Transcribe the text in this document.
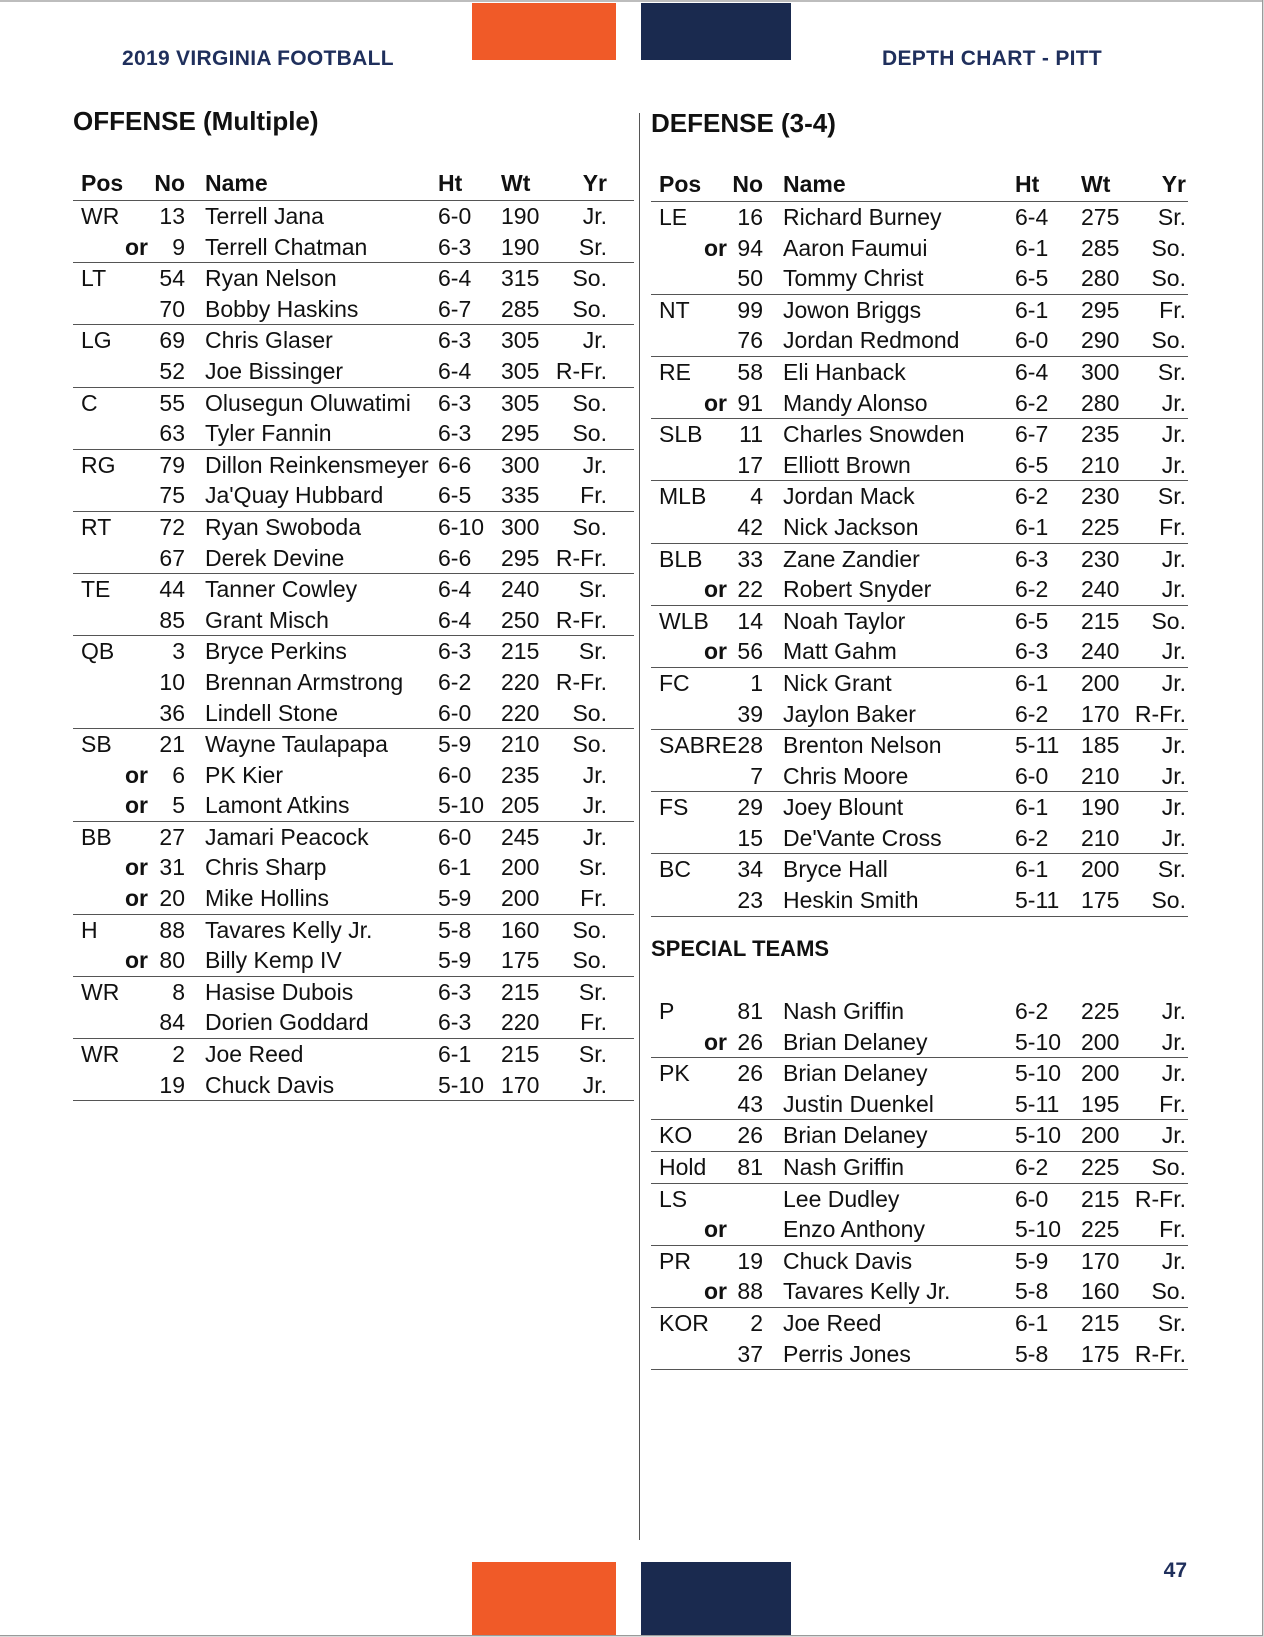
2019 VIRGINIA FOOTBALL	DEPTH CHART - PITT
OFFENSE (Multiple)
Pos No Name	Ht Wt Yr
WR 13 Terrell Jana	6-0 190 Jr.
or 9 Terrell Chatman	6-3 190 Sr.
LT 54 Ryan Nelson	6-4 315 So.
70 Bobby Haskins	6-7 285 So.
LG 69 Chris Glaser	6-3 305 Jr.
52 Joe Bissinger	6-4 305 R-Fr.
C	55 Olusegun Oluwatimi 6-3 305 So.
63 Tyler Fannin	6-3 295 So.
RG 79 Dillon Reinkensmeyer 6-6 300 Jr.
75 Ja'Quay Hubbard 6-5 335 Fr.
RT 72 Ryan Swoboda	6-10 300 So.
67 Derek Devine	6-6 295 R-Fr.
TE 44 Tanner Cowley	6-4 240 Sr.
85 Grant Misch	6-4 250 R-Fr.
QB	3 Bryce Perkins	6-3 215 Sr.
10 Brennan Armstrong 6-2 220 R-Fr.
36 Lindell Stone	6-0 220 So.
SB 21 Wayne Taulapapa 5-9 210 So.
or 6 PK Kier	6-0 235 Jr.
or 5 Lamont Atkins	5-10 205 Jr.
BB 27 Jamari Peacock	6-0 245 Jr.
or 31 Chris Sharp	6-1 200 Sr.
or 20 Mike Hollins	5-9 200 Fr.
H	88 Tavares Kelly Jr.	5-8 160 So.
or 80 Billy Kemp IV	5-9 175 So.
WR 8 Hasise Dubois	6-3 215 Sr.
84 Dorien Goddard	6-3 220 Fr.
WR 2 Joe Reed	6-1 215 Sr.
19 Chuck Davis	5-10 170 Jr.
DEFENSE (3-4)
Pos No Name	Ht Wt Yr
LE 16 Richard Burney	6-4 275 Sr.
or 94 Aaron Faumui	6-1 285 So.
50 Tommy Christ	6-5 280 So.
NT 99 Jowon Briggs	6-1 295 Fr.
76 Jordan Redmond 6-0 290 So.
RE 58 Eli Hanback	6-4 300 Sr.
or 91 Mandy Alonso	6-2 280 Jr.
SLB 11 Charles Snowden 6-7 235 Jr.
17 Elliott Brown	6-5 210 Jr.
MLB 4 Jordan Mack	6-2 230 Sr.
42 Nick Jackson	6-1 225 Fr.
BLB 33 Zane Zandier	6-3 230 Jr.
or 22 Robert Snyder	6-2 240 Jr.
WLB 14 Noah Taylor	6-5 215 So.
or 56 Matt Gahm	6-3 240 Jr.
FC	1 Nick Grant	6-1 200 Jr.
39 Jaylon Baker	6-2 170 R-Fr.
SABRE 28 Brenton Nelson	5-11 185 Jr.
7 Chris Moore	6-0 210 Jr.
FS 29 Joey Blount	6-1 190 Jr.
15 De'Vante Cross	6-2 210 Jr.
BC 34 Bryce Hall	6-1 200 Sr.
23 Heskin Smith	5-11 175 So.
SPECIAL TEAMS
P	81 Nash Griffin	6-2 225 Jr.
or 26 Brian Delaney	5-10 200 Jr.
PK 26 Brian Delaney	5-10 200 Jr.
43 Justin Duenkel	5-11 195 Fr.
KO 26 Brian Delaney	5-10 200 Jr.
Hold 81 Nash Griffin	6-2 225 So.
LS	Lee Dudley	6-0 215 R-Fr.
or Enzo Anthony	5-10 225 Fr.
PR 19 Chuck Davis	5-9 170 Jr.
or 88 Tavares Kelly Jr.	5-8 160 So.
KOR 2 Joe Reed	6-1 215 Sr.
37 Perris Jones	5-8 175 R-Fr.
47
